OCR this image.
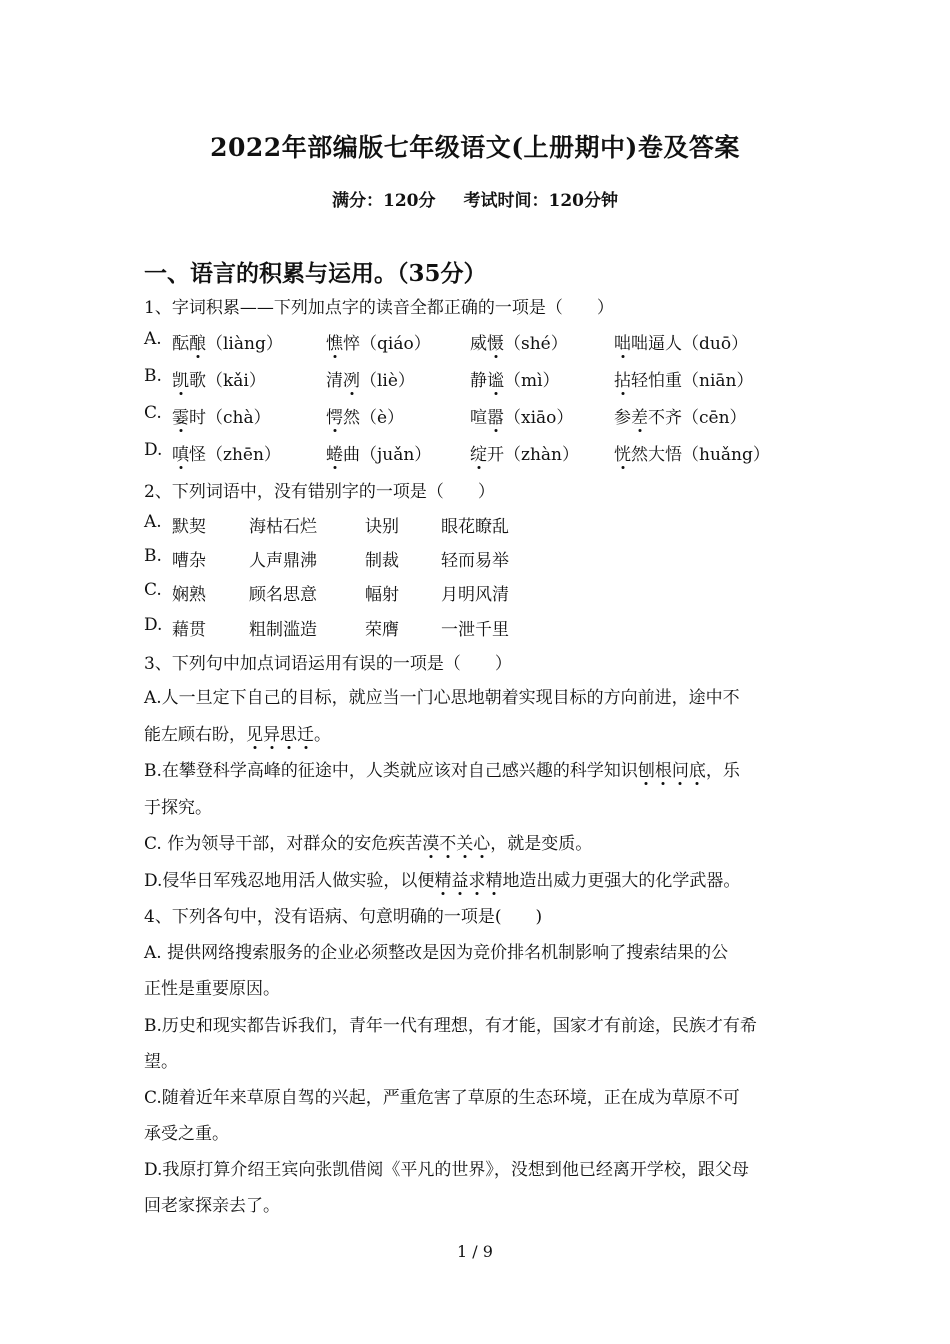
2022年部编版七年级语文(上册期中)卷及答案
满分：120分 考试时间：120分钟
一、语言的积累与运用。（35分）
1、字词积累——下列加点字的读音全都正确的一项是（　　）
A. 酝酿（liàng）	憔悴（qiáo） 威慑（shé）	咄咄逼人（duō）
B. 凯歌（kǎi）	清冽（liè）	静谧（mì）	拈轻怕重（niān）
C. 霎时（chà）	愕然（è）	喧嚣（xiāo） 参差不齐（cēn）
D. 嗔怪（zhēn）	蜷曲（juǎn） 绽开（zhàn） 恍然大悟（huǎng）
2、下列词语中，没有错别字的一项是（　　）
A. 默契	海枯石烂	诀别 眼花瞭乱
B. 嘈杂	人声鼎沸	制裁 轻而易举
C. 娴熟	顾名思意	幅射 月明风清
D. 藉贯	粗制滥造	荣膺 一泄千里
3、下列句中加点词语运用有误的一项是（　　）
A.人一旦定下自己的目标，就应当一门心思地朝着实现目标的方向前进，途中不
能左顾右盼，见异思迁。
B.在攀登科学高峰的征途中，人类就应该对自己感兴趣的科学知识刨根问底，乐
于探究。
C. 作为领导干部，对群众的安危疾苦漠不关心，就是变质。
D.侵华日军残忍地用活人做实验，以便精益求精地造出威力更强大的化学武器。
4、下列各句中，没有语病、句意明确的一项是(　　)
A. 提供网络搜索服务的企业必须整改是因为竞价排名机制影响了搜索结果的公
正性是重要原因。
B.历史和现实都告诉我们，青年一代有理想，有才能，国家才有前途，民族才有希
望。
C.随着近年来草原自驾的兴起，严重危害了草原的生态环境，正在成为草原不可
承受之重。
D.我原打算介绍王宾向张凯借阅《平凡的世界》，没想到他已经离开学校，跟父母
回老家探亲去了。
1 / 9
